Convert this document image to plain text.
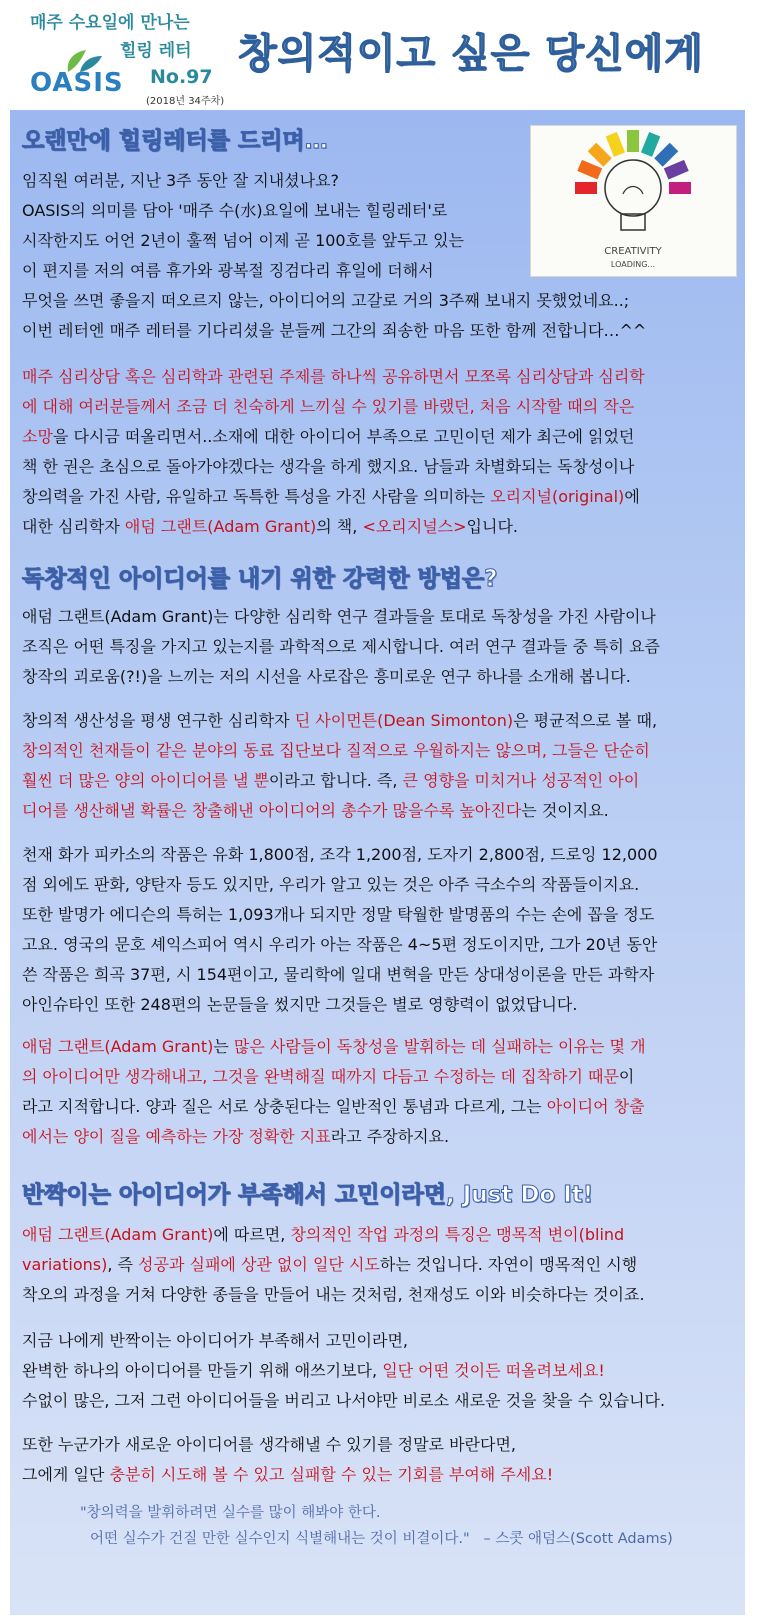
매주 수요일에 만나는
힐링 레터
OASIS No.97
(2018년 34주차)
창의적이고 싶은 당신에게
CREATIVITY
LOADING...
오랜만에 힐링레터를 드리며…
임직원 여러분, 지난 3주 동안 잘 지내셨나요?
OASIS의 의미를 담아 '매주 수(水)요일에 보내는 힐링레터'로
시작한지도 어언 2년이 훌쩍 넘어 이제 곧 100호를 앞두고 있는
이 편지를 저의 여름 휴가와 광복절 징검다리 휴일에 더해서
무엇을 쓰면 좋을지 떠오르지 않는, 아이디어의 고갈로 거의 3주째 보내지 못했었네요..;
이번 레터엔 매주 레터를 기다리셨을 분들께 그간의 죄송한 마음 또한 함께 전합니다…^^
매주 심리상담 혹은 심리학과 관련된 주제를 하나씩 공유하면서 모쪼록 심리상담과 심리학
에 대해 여러분들께서 조금 더 친숙하게 느끼실 수 있기를 바랬던, 처음 시작할 때의 작은
소망을 다시금 떠올리면서..소재에 대한 아이디어 부족으로 고민이던 제가 최근에 읽었던
책 한 권은 초심으로 돌아가야겠다는 생각을 하게 했지요. 남들과 차별화되는 독창성이나
창의력을 가진 사람, 유일하고 독특한 특성을 가진 사람을 의미하는 오리지널(original)에
대한 심리학자 애덤 그랜트(Adam Grant)의 책, <오리지널스>입니다.
독창적인 아이디어를 내기 위한 강력한 방법은?
애덤 그랜트(Adam Grant)는 다양한 심리학 연구 결과들을 토대로 독창성을 가진 사람이나
조직은 어떤 특징을 가지고 있는지를 과학적으로 제시합니다. 여러 연구 결과들 중 특히 요즘
창작의 괴로움(?!)을 느끼는 저의 시선을 사로잡은 흥미로운 연구 하나를 소개해 봅니다.
창의적 생산성을 평생 연구한 심리학자 딘 사이먼튼(Dean Simonton)은 평균적으로 볼 때,
창의적인 천재들이 같은 분야의 동료 집단보다 질적으로 우월하지는 않으며, 그들은 단순히
훨씬 더 많은 양의 아이디어를 낼 뿐이라고 합니다. 즉, 큰 영향을 미치거나 성공적인 아이
디어를 생산해낼 확률은 창출해낸 아이디어의 총수가 많을수록 높아진다는 것이지요.
천재 화가 피카소의 작품은 유화 1,800점, 조각 1,200점, 도자기 2,800점, 드로잉 12,000
점 외에도 판화, 양탄자 등도 있지만, 우리가 알고 있는 것은 아주 극소수의 작품들이지요.
또한 발명가 에디슨의 특허는 1,093개나 되지만 정말 탁월한 발명품의 수는 손에 꼽을 정도
고요. 영국의 문호 셰익스피어 역시 우리가 아는 작품은 4~5편 정도이지만, 그가 20년 동안
쓴 작품은 희곡 37편, 시 154편이고, 물리학에 일대 변혁을 만든 상대성이론을 만든 과학자
아인슈타인 또한 248편의 논문들을 썼지만 그것들은 별로 영향력이 없었답니다.
애덤 그랜트(Adam Grant)는 많은 사람들이 독창성을 발휘하는 데 실패하는 이유는 몇 개
의 아이디어만 생각해내고, 그것을 완벽해질 때까지 다듬고 수정하는 데 집착하기 때문이
라고 지적합니다. 양과 질은 서로 상충된다는 일반적인 통념과 다르게, 그는 아이디어 창출
에서는 양이 질을 예측하는 가장 정확한 지표라고 주장하지요.
반짝이는 아이디어가 부족해서 고민이라면, Just Do It!
애덤 그랜트(Adam Grant)에 따르면, 창의적인 작업 과정의 특징은 맹목적 변이(blind
variations), 즉 성공과 실패에 상관 없이 일단 시도하는 것입니다. 자연이 맹목적인 시행
착오의 과정을 거쳐 다양한 종들을 만들어 내는 것처럼, 천재성도 이와 비슷하다는 것이죠.
지금 나에게 반짝이는 아이디어가 부족해서 고민이라면,
완벽한 하나의 아이디어를 만들기 위해 애쓰기보다, 일단 어떤 것이든 떠올려보세요!
수없이 많은, 그저 그런 아이디어들을 버리고 나서야만 비로소 새로운 것을 찾을 수 있습니다.
또한 누군가가 새로운 아이디어를 생각해낼 수 있기를 정말로 바란다면,
그에게 일단 충분히 시도해 볼 수 있고 실패할 수 있는 기회를 부여해 주세요!
"창의력을 발휘하려면 실수를 많이 해봐야 한다.
어떤 실수가 건질 만한 실수인지 식별해내는 것이 비결이다." – 스콧 애덤스(Scott Adams)
